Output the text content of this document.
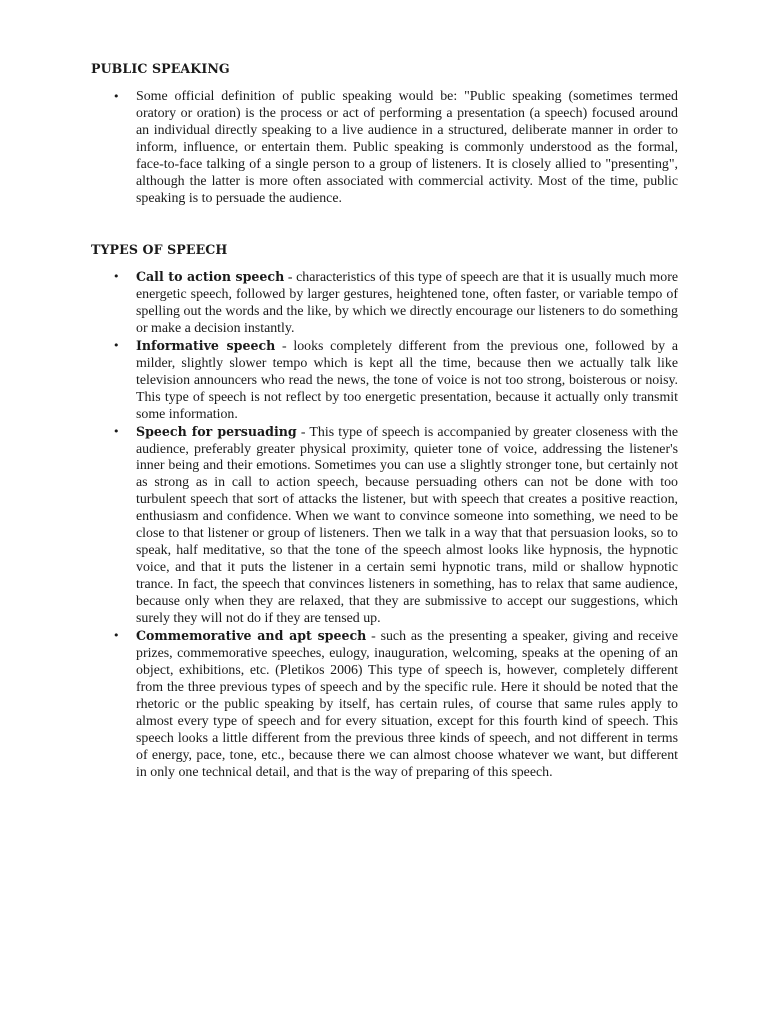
PUBLIC SPEAKING
• Some official definition of public speaking would be: "Public speaking (sometimes termed oratory or oration) is the process or act of performing a presentation (a speech) focused around an individual directly speaking to a live audience in a structured, deliberate manner in order to inform, influence, or entertain them. Public speaking is commonly understood as the formal, face-to-face talking of a single person to a group of listeners. It is closely allied to "presenting", although the latter is more often associated with commercial activity. Most of the time, public speaking is to persuade the audience.
TYPES OF SPEECH
• Call to action speech - characteristics of this type of speech are that it is usually much more energetic speech, followed by larger gestures, heightened tone, often faster, or variable tempo of spelling out the words and the like, by which we directly encourage our listeners to do something or make a decision instantly.
• Informative speech - looks completely different from the previous one, followed by a milder, slightly slower tempo which is kept all the time, because then we actually talk like television announcers who read the news, the tone of voice is not too strong, boisterous or noisy. This type of speech is not reflect by too energetic presentation, because it actually only transmit some information.
• Speech for persuading - This type of speech is accompanied by greater closeness with the audience, preferably greater physical proximity, quieter tone of voice, addressing the listener's inner being and their emotions. Sometimes you can use a slightly stronger tone, but certainly not as strong as in call to action speech, because persuading others can not be done with too turbulent speech that sort of attacks the listener, but with speech that creates a positive reaction, enthusiasm and confidence. When we want to convince someone into something, we need to be close to that listener or group of listeners. Then we talk in a way that that persuasion looks, so to speak, half meditative, so that the tone of the speech almost looks like hypnosis, the hypnotic voice, and that it puts the listener in a certain semi hypnotic trans, mild or shallow hypnotic trance. In fact, the speech that convinces listeners in something, has to relax that same audience, because only when they are relaxed, that they are submissive to accept our suggestions, which surely they will not do if they are tensed up.
• Commemorative and apt speech - such as the presenting a speaker, giving and receive prizes, commemorative speeches, eulogy, inauguration, welcoming, speaks at the opening of an object, exhibitions, etc. (Pletikos 2006) This type of speech is, however, completely different from the three previous types of speech and by the specific rule. Here it should be noted that the rhetoric or the public speaking by itself, has certain rules, of course that same rules apply to almost every type of speech and for every situation, except for this fourth kind of speech. This speech looks a little different from the previous three kinds of speech, and not different in terms of energy, pace, tone, etc., because there we can almost choose whatever we want, but different in only one technical detail, and that is the way of preparing of this speech.
